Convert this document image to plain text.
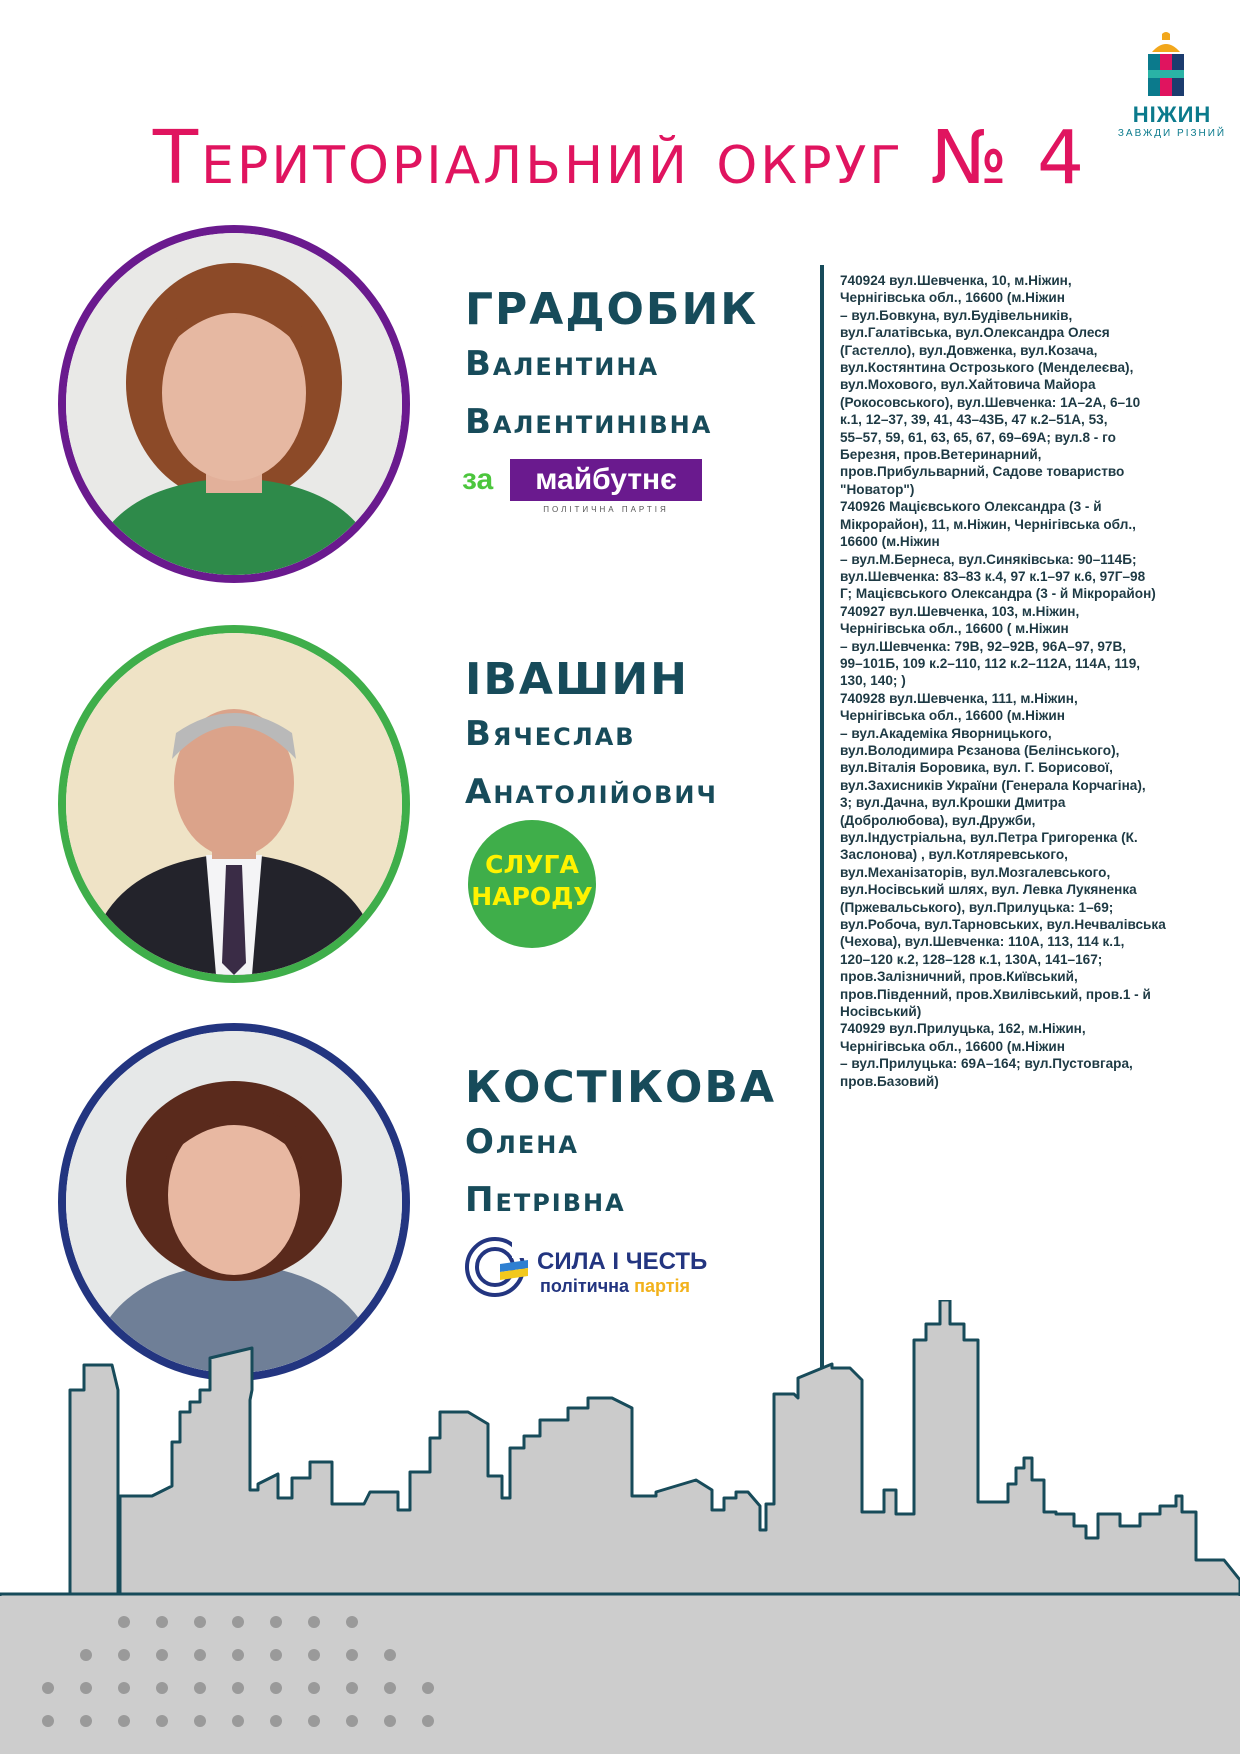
НІЖИН
ЗАВЖДИ РІЗНИЙ
Територіальний округ № 4
ГРАДОБИК
Валентина
Валентинівна
ІВАШИН
Вячеслав
Анатолійович
КОСТІКОВА
Олена
Петрівна
за	майбутнє
ПОЛІТИЧНА ПАРТІЯ
СЛУГА
НАРОДУ
СИЛА І ЧЕСТЬ
політична партія
740924 вул.Шевченка, 10, м.Ніжин,
Чернігівська обл., 16600 (м.Ніжин
– вул.Бовкуна, вул.Будівельників,
вул.Галатівська, вул.Олександра Олеся
(Гастелло), вул.Довженка, вул.Козача,
вул.Костянтина Острозького (Менделеєва),
вул.Мохового, вул.Хайтовича Майора
(Рокосовського), вул.Шевченка: 1А–2А, 6–10
к.1, 12–37, 39, 41, 43–43Б, 47 к.2–51А, 53,
55–57, 59, 61, 63, 65, 67, 69–69А; вул.8 - го
Березня, пров.Ветеринарний,
пров.Прибульварний, Садове товариство
"Новатор")
740926 Мацієвського Олександра (3 - й
Мікрорайон), 11, м.Ніжин, Чернігівська обл.,
16600 (м.Ніжин
– вул.М.Бернеса, вул.Синяківська: 90–114Б;
вул.Шевченка: 83–83 к.4, 97 к.1–97 к.6, 97Г–98
Г; Мацієвського Олександра (3 - й Мікрорайон)
740927 вул.Шевченка, 103, м.Ніжин,
Чернігівська обл., 16600 ( м.Ніжин
– вул.Шевченка: 79В, 92–92В, 96А–97, 97В,
99–101Б, 109 к.2–110, 112 к.2–112А, 114А, 119,
130, 140; )
740928 вул.Шевченка, 111, м.Ніжин,
Чернігівська обл., 16600 (м.Ніжин
– вул.Академіка Яворницького,
вул.Володимира Рєзанова (Белінського),
вул.Віталія Боровика, вул. Г. Борисової,
вул.Захисників України (Генерала Корчагіна),
3; вул.Дачна, вул.Крошки Дмитра
(Добролюбова), вул.Дружби,
вул.Індустріальна, вул.Петра Григоренка (К.
Заслонова) , вул.Котляревського,
вул.Механізаторів, вул.Мозгалевського,
вул.Носівський шлях, вул. Левка Лукяненка
(Пржевальського), вул.Прилуцька: 1–69;
вул.Робоча, вул.Тарновських, вул.Нечвалівська
(Чехова), вул.Шевченка: 110А, 113, 114 к.1,
120–120 к.2, 128–128 к.1, 130А, 141–167;
пров.Залізничний, пров.Київський,
пров.Південний, пров.Хвилівський, пров.1 - й
Носівський)
740929 вул.Прилуцька, 162, м.Ніжин,
Чернігівська обл., 16600 (м.Ніжин
– вул.Прилуцька: 69А–164; вул.Пустовгара,
пров.Базовий)
